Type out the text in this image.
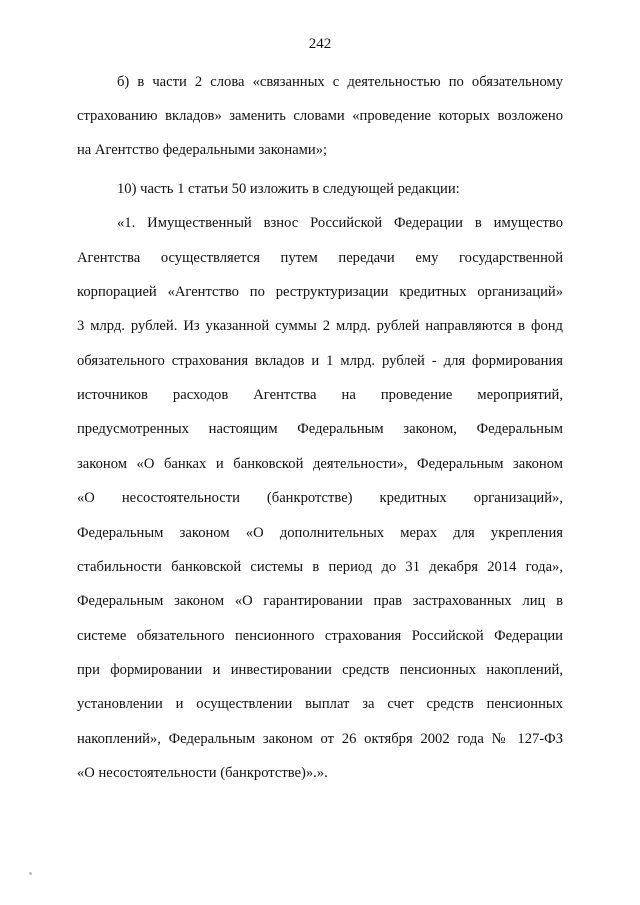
242
б) в части 2 слова «связанных с деятельностью по обязательному
страхованию вкладов» заменить словами «проведение которых возложено
на Агентство федеральными законами»;
10) часть 1 статьи 50 изложить в следующей редакции:
«1. Имущественный взнос Российской Федерации в имущество
Агентства осуществляется путем передачи ему государственной
корпорацией «Агентство по реструктуризации кредитных организаций»
3 млрд. рублей. Из указанной суммы 2 млрд. рублей направляются в фонд
обязательного страхования вкладов и 1 млрд. рублей - для формирования
источников расходов Агентства на проведение мероприятий,
предусмотренных настоящим Федеральным законом, Федеральным
законом «О банках и банковской деятельности», Федеральным законом
«О несостоятельности (банкротстве) кредитных организаций»,
Федеральным законом «О дополнительных мерах для укрепления
стабильности банковской системы в период до 31 декабря 2014 года»,
Федеральным законом «О гарантировании прав застрахованных лиц в
системе обязательного пенсионного страхования Российской Федерации
при формировании и инвестировании средств пенсионных накоплений,
установлении и осуществлении выплат за счет средств пенсионных
накоплений», Федеральным законом от 26 октября 2002 года № 127-ФЗ
«О несостоятельности (банкротстве)».».
